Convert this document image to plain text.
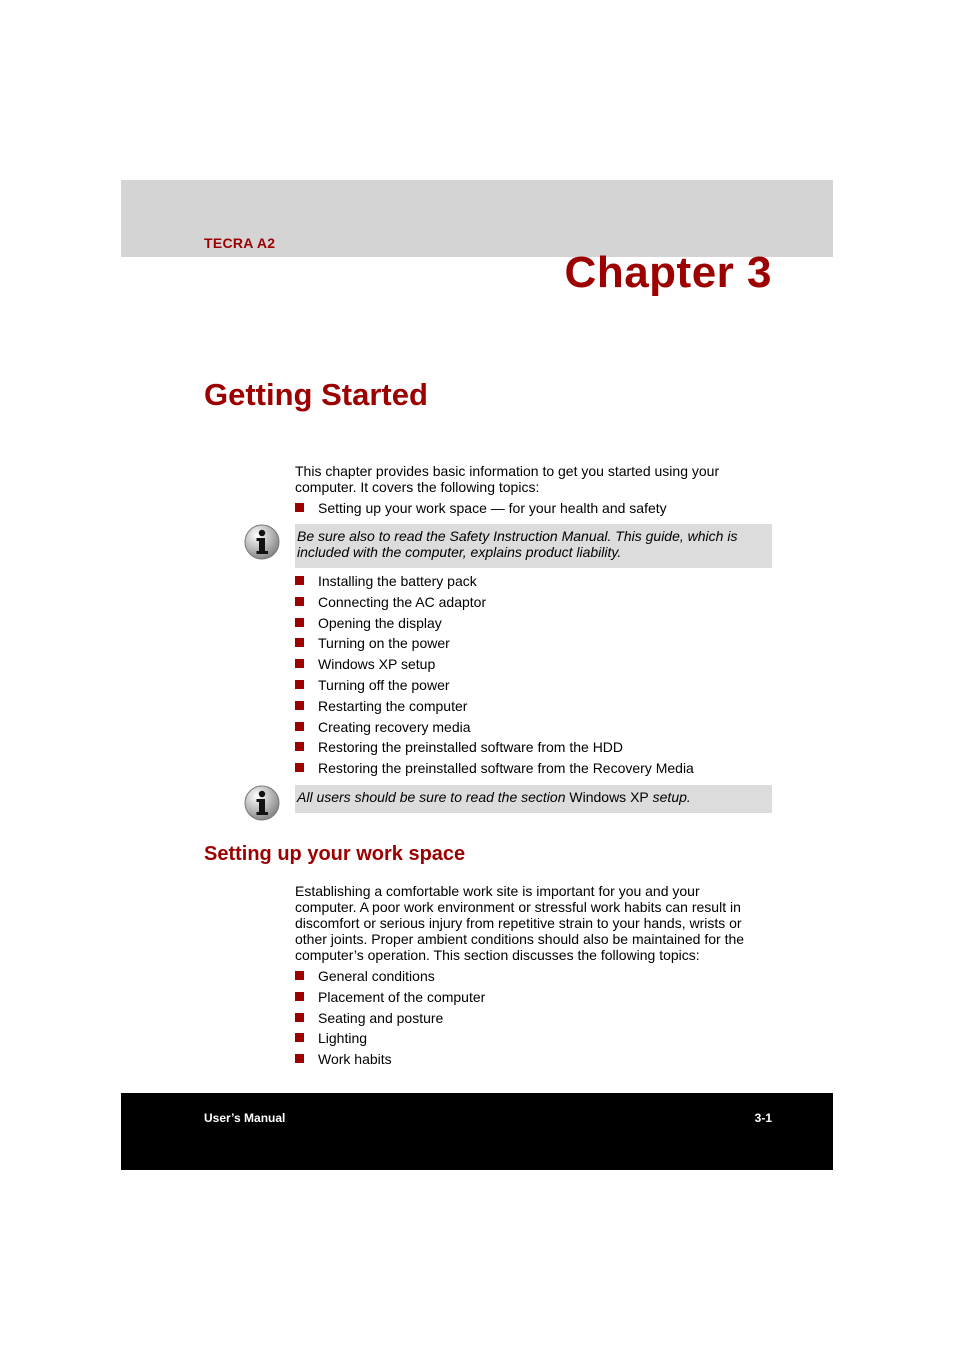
TECRA A2
Chapter 3
Getting Started
This chapter provides basic information to get you started using your
computer. It covers the following topics:
Setting up your work space — for your health and safety
Be sure also to read the Safety Instruction Manual. This guide, which is
included with the computer, explains product liability.
Installing the battery pack
Connecting the AC adaptor
Opening the display
Turning on the power
Windows XP setup
Turning off the power
Restarting the computer
Creating recovery media
Restoring the preinstalled software from the HDD
Restoring the preinstalled software from the Recovery Media
All users should be sure to read the section Windows XP setup.
Setting up your work space
Establishing a comfortable work site is important for you and your
computer. A poor work environment or stressful work habits can result in
discomfort or serious injury from repetitive strain to your hands, wrists or
other joints. Proper ambient conditions should also be maintained for the
computer’s operation. This section discusses the following topics:
General conditions
Placement of the computer
Seating and posture
Lighting
Work habits
User’s Manual	3-1
